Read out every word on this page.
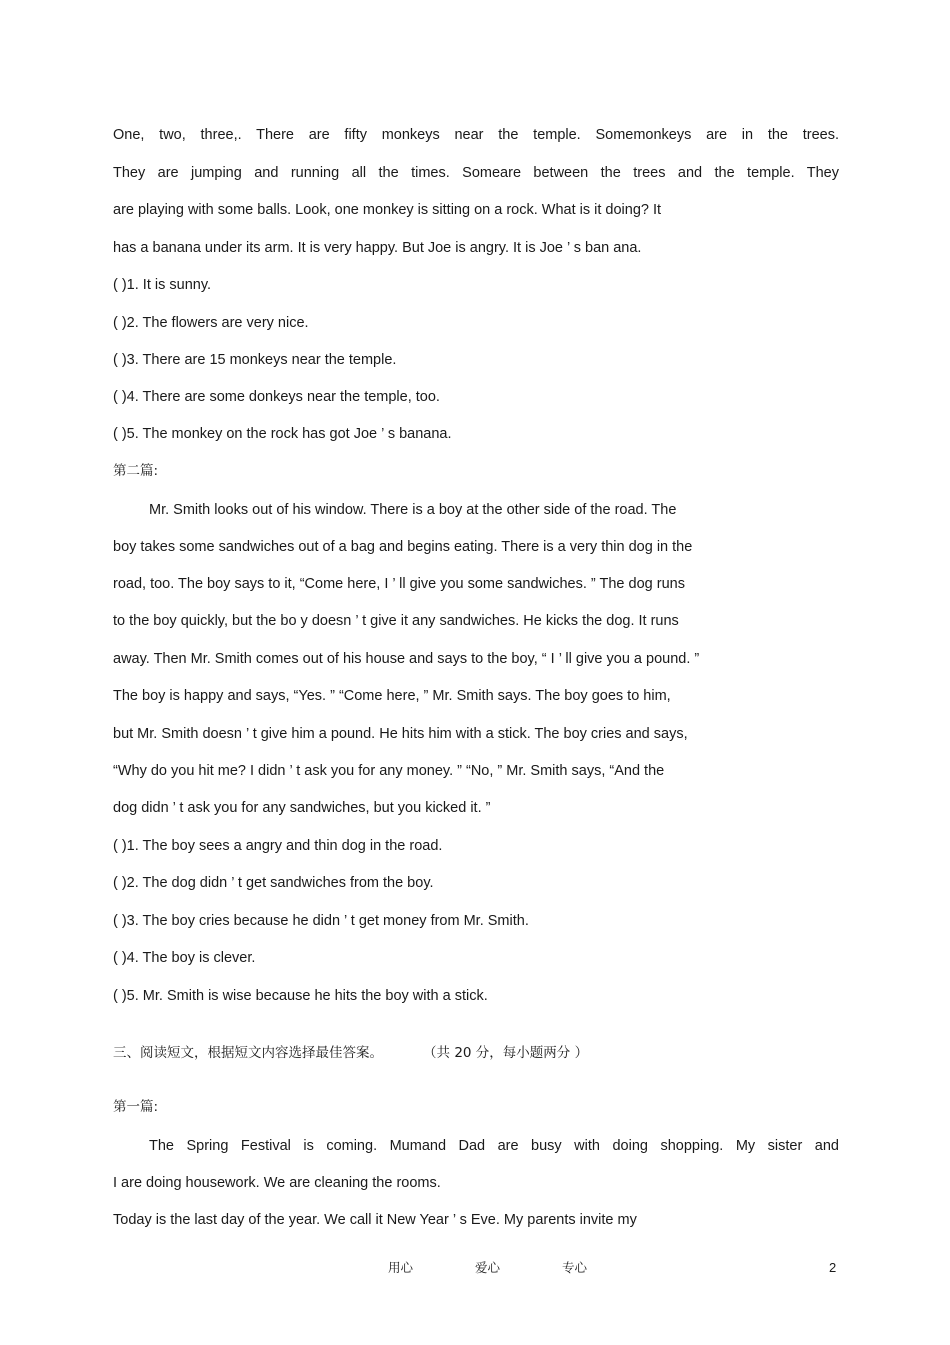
One, two, three,. There are fifty monkeys near the temple. Somemonkeys are in the trees.
They are jumping and running all the times. Someare between the trees and the temple. They
are playing with some balls. Look, one monkey is sitting on a rock. What is it doing? It
has a banana under its arm. It is very happy. But Joe is angry. It is Joe ’ s ban ana.
( )1. It is sunny.
( )2. The flowers are very nice.
( )3. There are 15 monkeys near the temple.
( )4. There are some donkeys near the temple, too.
( )5. The monkey on the rock has got Joe ’ s banana.
第二篇:
Mr. Smith looks out of his window. There is a boy at the other side of the road. The
boy takes some sandwiches out of a bag and begins eating. There is a very thin dog in the
road, too. The boy says to it, “Come here, I ’ ll give you some sandwiches. ” The dog runs
to the boy quickly, but the bo y doesn ’ t give it any sandwiches. He kicks the dog. It runs
away. Then Mr. Smith comes out of his house and says to the boy, “ I ’ ll give you a pound. ”
The boy is happy and says, “Yes. ” “Come here, ” Mr. Smith says. The boy goes to him,
but Mr. Smith doesn ’ t give him a pound. He hits him with a stick. The boy cries and says,
“Why do you hit me? I didn ’ t ask you for any money. ” “No, ” Mr. Smith says, “And the
dog didn ’ t ask you for any sandwiches, but you kicked it. ”
( )1. The boy sees a angry and thin dog in the road.
( )2. The dog didn ’ t get sandwiches from the boy.
( )3. The boy cries because he didn ’ t get money from Mr. Smith.
( )4. The boy is clever.
( )5. Mr. Smith is wise because he hits the boy with a stick.
三、阅读短文，根据短文内容选择最佳答案。	（共 20 分，每小题两分 ）
第一篇:
The Spring Festival is coming. Mumand Dad are busy with doing shopping. My sister and
I are doing housework. We are cleaning the rooms.
Today is the last day of the year. We call it New Year ’ s Eve. My parents invite my
用心	爱心	专心	2
